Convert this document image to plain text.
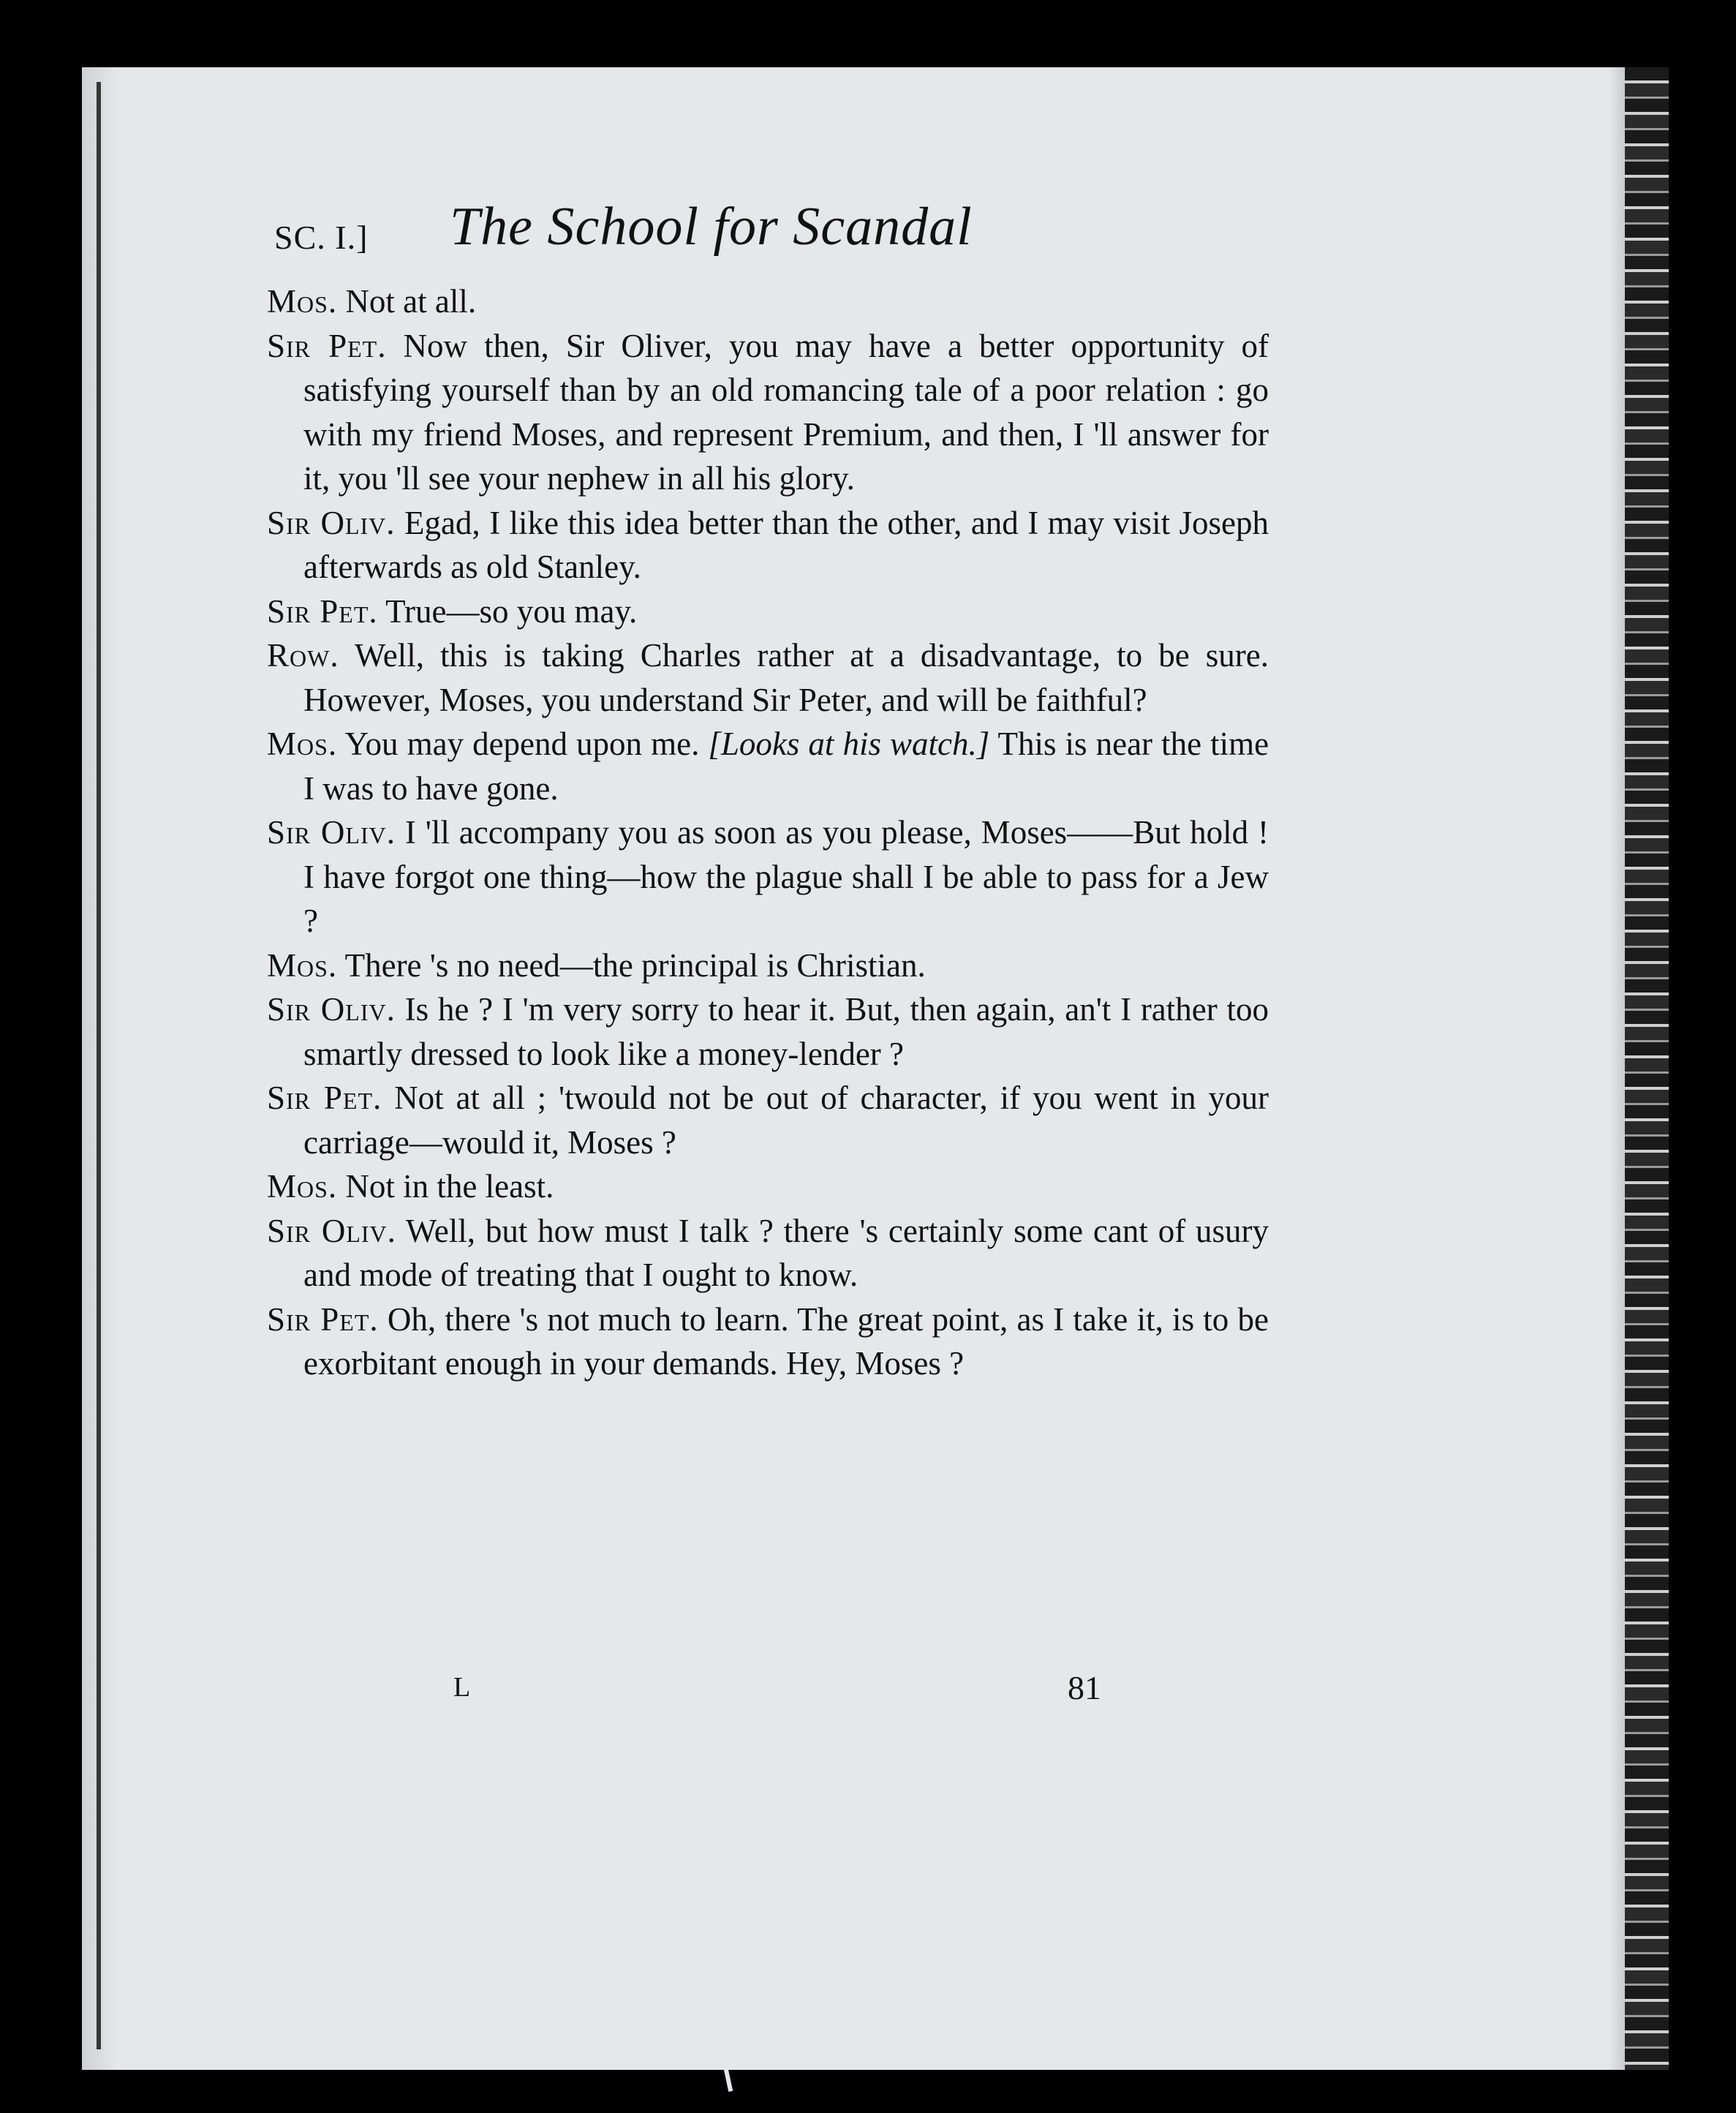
SC. I.] The School for Scandal

Mos. Not at all.

Sir Pet. Now then, Sir Oliver, you may have a better opportunity of satisfying yourself than by an old romancing tale of a poor relation : go with my friend Moses, and represent Premium, and then, I 'll answer for it, you 'll see your nephew in all his glory.

Sir Oliv. Egad, I like this idea better than the other, and I may visit Joseph afterwards as old Stanley.

Sir Pet. True—so you may.

Row. Well, this is taking Charles rather at a disadvantage, to be sure. However, Moses, you understand Sir Peter, and will be faithful?

Mos. You may depend upon me. [Looks at his watch.] This is near the time I was to have gone.

Sir Oliv. I 'll accompany you as soon as you please, Moses——But hold ! I have forgot one thing—how the plague shall I be able to pass for a Jew ?

Mos. There 's no need—the principal is Christian.

Sir Oliv. Is he ? I 'm very sorry to hear it. But, then again, an't I rather too smartly dressed to look like a money-lender ?

Sir Pet. Not at all ; 'twould not be out of character, if you went in your carriage—would it, Moses ?

Mos. Not in the least.

Sir Oliv. Well, but how must I talk ? there 's certainly some cant of usury and mode of treating that I ought to know.

Sir Pet. Oh, there 's not much to learn. The great point, as I take it, is to be exorbitant enough in your demands. Hey, Moses ?

L	81
